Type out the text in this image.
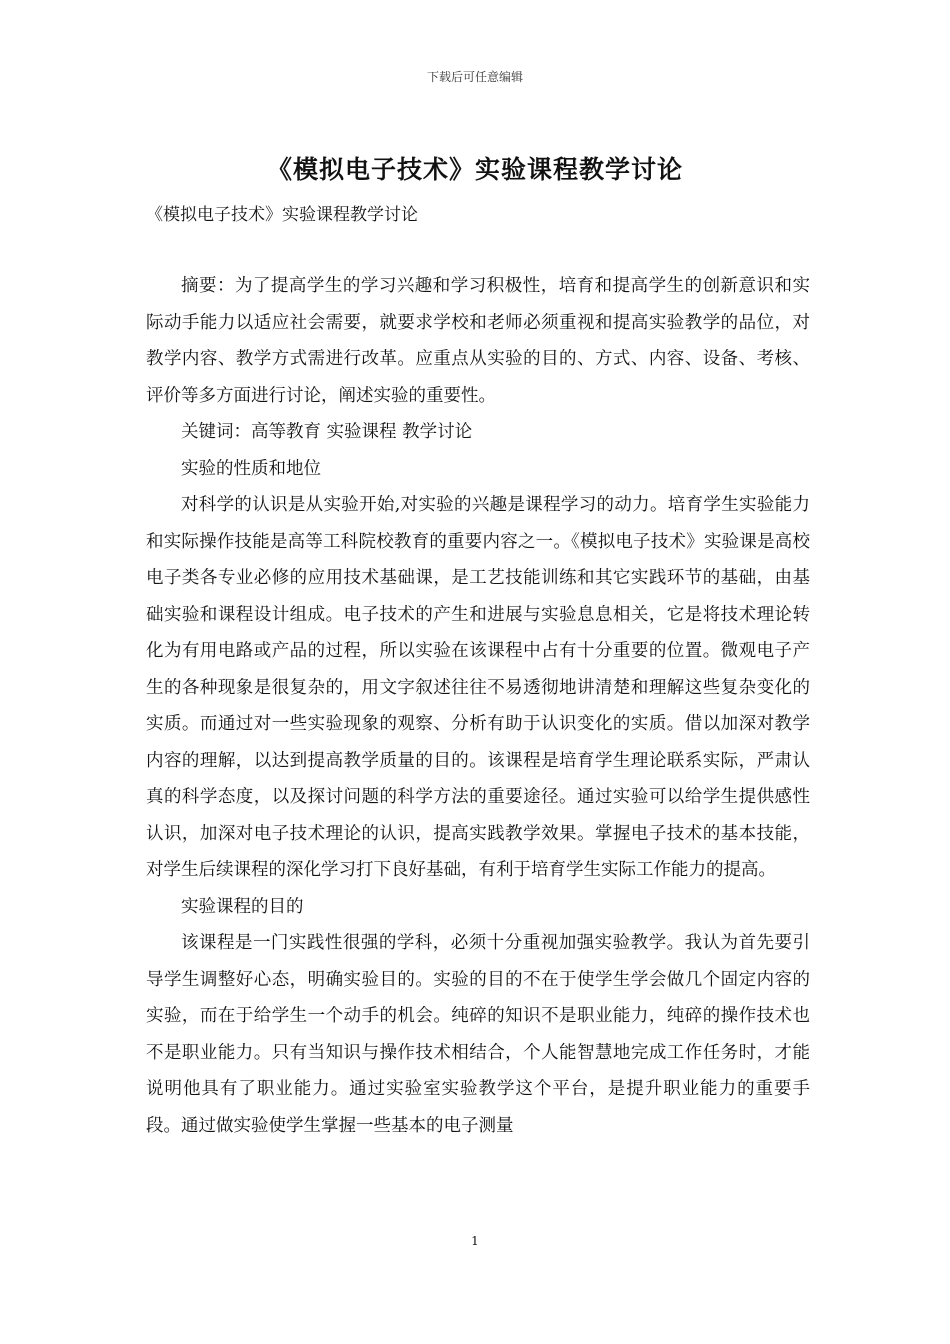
下载后可任意编辑
《模拟电子技术》实验课程教学讨论
《模拟电子技术》实验课程教学讨论

摘要：为了提高学生的学习兴趣和学习积极性，培育和提高学生的创新意识和实际动手能力以适应社会需要，就要求学校和老师必须重视和提高实验教学的品位，对教学内容、教学方式需进行改革。应重点从实验的目的、方式、内容、设备、考核、评价等多方面进行讨论，阐述实验的重要性。

关键词：高等教育 实验课程 教学讨论

实验的性质和地位

对科学的认识是从实验开始,对实验的兴趣是课程学习的动力。培育学生实验能力和实际操作技能是高等工科院校教育的重要内容之一。《模拟电子技术》实验课是高校电子类各专业必修的应用技术基础课，是工艺技能训练和其它实践环节的基础，由基础实验和课程设计组成。电子技术的产生和进展与实验息息相关，它是将技术理论转化为有用电路或产品的过程，所以实验在该课程中占有十分重要的位置。微观电子产生的各种现象是很复杂的，用文字叙述往往不易透彻地讲清楚和理解这些复杂变化的实质。而通过对一些实验现象的观察、分析有助于认识变化的实质。借以加深对教学内容的理解，以达到提高教学质量的目的。该课程是培育学生理论联系实际，严肃认真的科学态度，以及探讨问题的科学方法的重要途径。通过实验可以给学生提供感性认识，加深对电子技术理论的认识，提高实践教学效果。掌握电子技术的基本技能，对学生后续课程的深化学习打下良好基础，有利于培育学生实际工作能力的提高。

实验课程的目的

该课程是一门实践性很强的学科，必须十分重视加强实验教学。我认为首先要引导学生调整好心态，明确实验目的。实验的目的不在于使学生学会做几个固定内容的实验，而在于给学生一个动手的机会。纯碎的知识不是职业能力，纯碎的操作技术也不是职业能力。只有当知识与操作技术相结合，个人能智慧地完成工作任务时，才能说明他具有了职业能力。通过实验室实验教学这个平台，是提升职业能力的重要手段。通过做实验使学生掌握一些基本的电子测量

1
